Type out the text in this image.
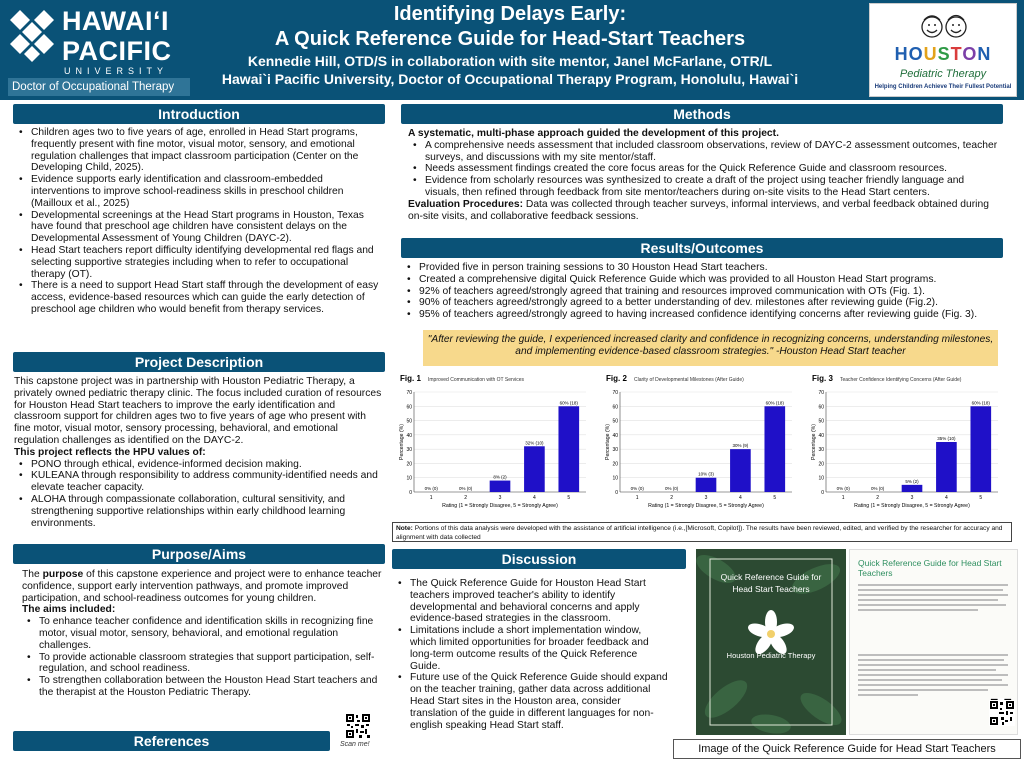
HAWAIʻI
PACIFIC
UNIVERSITY
Doctor of Occupational Therapy
Identifying Delays Early:
A Quick Reference Guide for Head-Start Teachers
Kennedie Hill, OTD/S in collaboration with site mentor, Janel McFarlane, OTR/L
Hawai`i Pacific University, Doctor of Occupational Therapy Program, Honolulu, Hawai`i
HOUSTON
Pediatric Therapy
Helping Children Achieve Their Fullest Potential
Introduction
• Children ages two to five years of age, enrolled in Head Start programs, frequently present with fine motor, visual motor, sensory, and emotional regulation challenges that impact classroom participation (Center on the Developing Child, 2025).
• Evidence supports early identification and classroom-embedded interventions to improve school-readiness skills in preschool children (Mailloux et al., 2025)
• Developmental screenings at the Head Start programs in Houston, Texas have found that preschool age children have consistent delays on the Developmental Assessment of Young Children (DAYC-2).
• Head Start teachers report difficulty identifying developmental red flags and selecting supportive strategies including when to refer to occupational therapy (OT).
• There is a need to support Head Start staff through the development of easy access, evidence-based resources which can guide the early detection of preschool age children who would benefit from therapy services.
Project Description

This capstone project was in partnership with Houston Pediatric Therapy, a privately owned pediatric therapy clinic. The focus included curation of resources for Houston Head Start teachers to improve the early identification and classroom support for children ages two to five years of age who present with fine motor, visual motor, sensory processing, behavioral, and emotional regulation challenges as identified on the DAYC-2.

This project reflects the HPU values of:

• PONO through ethical, evidence-informed decision making.
• KULEANA through responsibility to address community-identified needs and elevate teacher capacity.
• ALOHA through compassionate collaboration, cultural sensitivity, and strengthening supportive relationships within early childhood learning environments.
Purpose/Aims

The purpose of this capstone experience and project were to enhance teacher confidence, support early intervention pathways, and promote improved participation, and school-readiness outcomes for young children.

The aims included:

• To enhance teacher confidence and identification skills in recognizing fine motor, visual motor, sensory, behavioral, and emotional regulation challenges.
• To provide actionable classroom strategies that support participation, self-regulation, and school readiness.
• To strengthen collaboration between the Houston Head Start teachers and the therapist at the Houston Pediatric Therapy.
References	Scan me!
Methods

A systematic, multi-phase approach guided the development of this project.

• A comprehensive needs assessment that included classroom observations, review of DAYC-2 assessment outcomes, teacher surveys, and discussions with my site mentor/staff.
• Needs assessment findings created the core focus areas for the Quick Reference Guide and classroom resources.
• Evidence from scholarly resources was synthesized to create a draft of the project using teacher friendly language and visuals, then refined through feedback from site mentor/teachers during on-site visits to the Head Start centers.

Evaluation Procedures: Data was collected through teacher surveys, informal interviews, and verbal feedback obtained during on-site visits, and collaborative feedback sessions.

Results/Outcomes
• Provided five in person training sessions to 30 Houston Head Start teachers.
• Created a comprehensive digital Quick Reference Guide which was provided to all Houston Head Start programs.
• 92% of teachers agreed/strongly agreed that training and resources improved communication with OTs (Fig. 1).
• 90% of teachers agreed/strongly agreed to a better understanding of dev. milestones after reviewing guide (Fig.2).
• 95% of teachers agreed/strongly agreed to having increased confidence identifying concerns after reviewing guide (Fig. 3).
"After reviewing the guide, I experienced increased clarity and confidence in recognizing concerns, understanding milestones, and implementing evidence-based classroom strategies." -Houston Head Start teacher
Fig. 1 Improved Communication with OT Services
0
10
20
30
40
50
60
70
0% (0)
1
0% (0)
2
8% (2)
3
32% (10)
4
60% (18)
5
Rating (1 = Strongly Disagree, 5 = Strongly Agree)
Percentage (%)
Fig. 2 Clarity of Developmental Milestones (After Guide)
0
10
20
30
40
50
60
70
0% (0)
1
0% (0)
2
10% (3)
3
30% (9)
4
60% (18)
5
Rating (1 = Strongly Disagree, 5 = Strongly Agree)
Percentage (%)
Fig. 3 Teacher Confidence Identifying Concerns (After Guide)
0
10
20
30
40
50
60
70
0% (0)
1
0% (0)
2
5% (2)
3
35% (10)
4
60% (18)
5
Rating (1 = Strongly Disagree, 5 = Strongly Agree)
Percentage (%)
Note: Portions of this data analysis were developed with the assistance of artificial intelligence (i.e.,[Microsoft, Copilot]). The results have been reviewed, edited, and verified by the researcher for accuracy and alignment with data collected
Discussion
• The Quick Reference Guide for Houston Head Start teachers improved teacher's ability to identify developmental and behavioral concerns and apply evidence-based strategies in the classroom.
• Limitations include a short implementation window, which limited opportunities for broader feedback and long-term outcome results of the Quick Reference Guide.
• Future use of the Quick Reference Guide should expand on the teacher training, gather data across additional Head Start sites in the Houston area, consider translation of the guide in different languages for non-english speaking Head Start staff.
Quick Reference Guide for Head Start Teachers
Houston Pediatric Therapy
Quick Reference Guide for Head Start Teachers
Image of the Quick Reference Guide for Head Start Teachers
